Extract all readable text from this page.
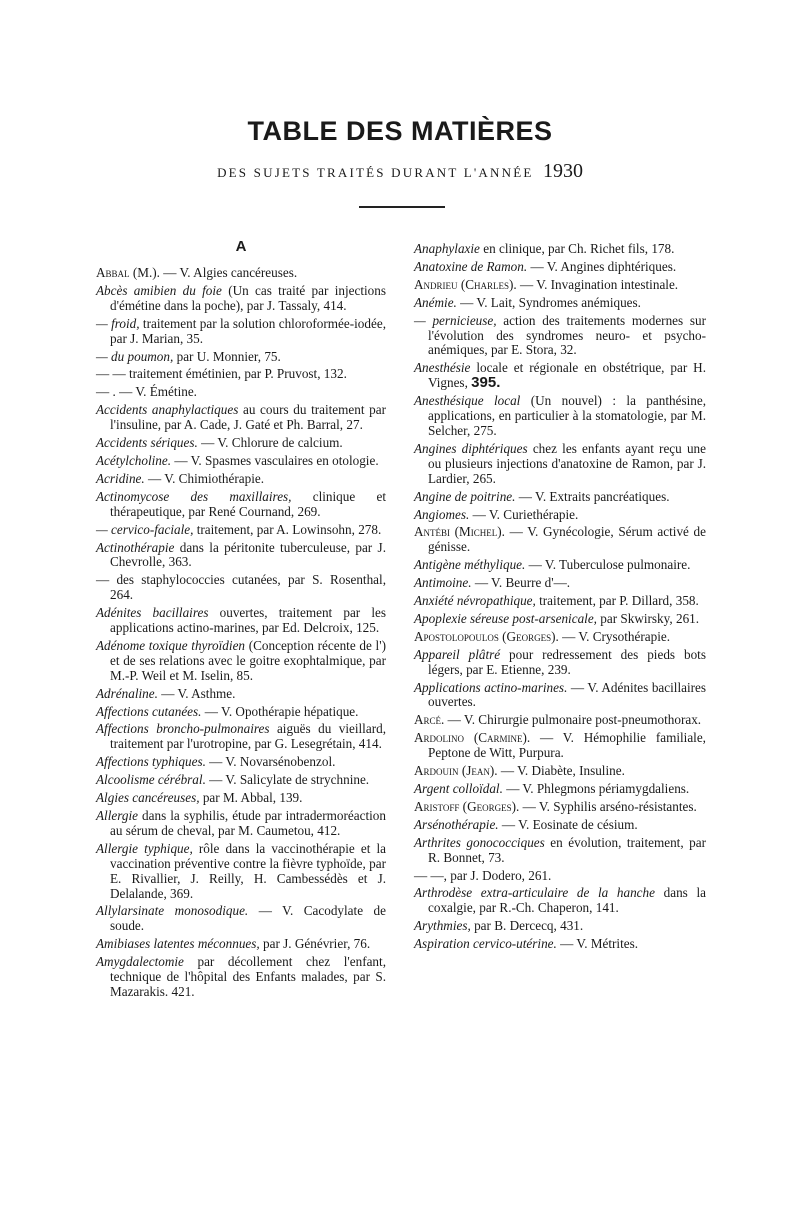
TABLE DES MATIÈRES
DES SUJETS TRAITÉS DURANT L'ANNÉE 1930
A
Abbal (M.). — V. Algies cancéreuses.
Abcès amibien du foie (Un cas traité par injections d'émétine dans la poche), par J. Tassaly, 414.
— froid, traitement par la solution chloroformée-iodée, par J. Marian, 35.
— du poumon, par U. Monnier, 75.
— — traitement émétinien, par P. Pruvost, 132.
— . — V. Émétine.
Accidents anaphylactiques au cours du traitement par l'insuline, par A. Cade, J. Gaté et Ph. Barral, 27.
Accidents sériques. — V. Chlorure de calcium.
Acétylcholine. — V. Spasmes vasculaires en otologie.
Acridine. — V. Chimiothérapie.
Actinomycose des maxillaires, clinique et thérapeutique, par René Cournand, 269.
— cervico-faciale, traitement, par A. Lowinsohn, 278.
Actinothérapie dans la péritonite tuberculeuse, par J. Chevrolle, 363.
— des staphylococcies cutanées, par S. Rosenthal, 264.
Adénites bacillaires ouvertes, traitement par les applications actino-marines, par Ed. Delcroix, 125.
Adénome toxique thyroïdien (Conception récente de l') et de ses relations avec le goitre exophtalmique, par M.-P. Weil et M. Iselin, 85.
Adrénaline. — V. Asthme.
Affections cutanées. — V. Opothérapie hépatique.
Affections broncho-pulmonaires aiguës du vieillard, traitement par l'urotropine, par G. Lesegrétain, 414.
Affections typhiques. — V. Novarsénobenzol.
Alcoolisme cérébral. — V. Salicylate de strychnine.
Algies cancéreuses, par M. Abbal, 139.
Allergie dans la syphilis, étude par intradermoréaction au sérum de cheval, par M. Caumetou, 412.
Allergie typhique, rôle dans la vaccinothérapie et la vaccination préventive contre la fièvre typhoïde, par E. Rivallier, J. Reilly, H. Cambessédès et J. Delalande, 369.
Allylarsinate monosodique. — V. Cacodylate de soude.
Amibiases latentes méconnues, par J. Génévrier, 76.
Amygdalectomie par décollement chez l'enfant, technique de l'hôpital des Enfants malades, par S. Mazarakis. 421.
Anaphylaxie en clinique, par Ch. Richet fils, 178.
Anatoxine de Ramon. — V. Angines diphtériques.
Andrieu (Charles). — V. Invagination intestinale.
Anémie. — V. Lait, Syndromes anémiques.
— pernicieuse, action des traitements modernes sur l'évolution des syndromes neuro- et psycho-anémiques, par E. Stora, 32.
Anesthésie locale et régionale en obstétrique, par H. Vignes, 395.
Anesthésique local (Un nouvel) : la panthésine, applications, en particulier à la stomatologie, par M. Selcher, 275.
Angines diphtériques chez les enfants ayant reçu une ou plusieurs injections d'anatoxine de Ramon, par J. Lardier, 265.
Angine de poitrine. — V. Extraits pancréatiques.
Angiomes. — V. Curiethérapie.
Antébi (Michel). — V. Gynécologie, Sérum activé de génisse.
Antigène méthylique. — V. Tuberculose pulmonaire.
Antimoine. — V. Beurre d'—.
Anxiété névropathique, traitement, par P. Dillard, 358.
Apoplexie séreuse post-arsenicale, par Skwirsky, 261.
Apostolopoulos (Georges). — V. Crysothérapie.
Appareil plâtré pour redressement des pieds bots légers, par E. Etienne, 239.
Applications actino-marines. — V. Adénites bacillaires ouvertes.
Arcé. — V. Chirurgie pulmonaire post-pneumothorax.
Ardolino (Carmine). — V. Hémophilie familiale, Peptone de Witt, Purpura.
Ardouin (Jean). — V. Diabète, Insuline.
Argent colloïdal. — V. Phlegmons périamygdaliens.
Aristoff (Georges). — V. Syphilis arséno-résistantes.
Arsénothérapie. — V. Eosinate de césium.
Arthrites gonococciques en évolution, traitement, par R. Bonnet, 73.
— —, par J. Dodero, 261.
Arthrodèse extra-articulaire de la hanche dans la coxalgie, par R.-Ch. Chaperon, 141.
Arythmies, par B. Dercecq, 431.
Aspiration cervico-utérine. — V. Métrites.
